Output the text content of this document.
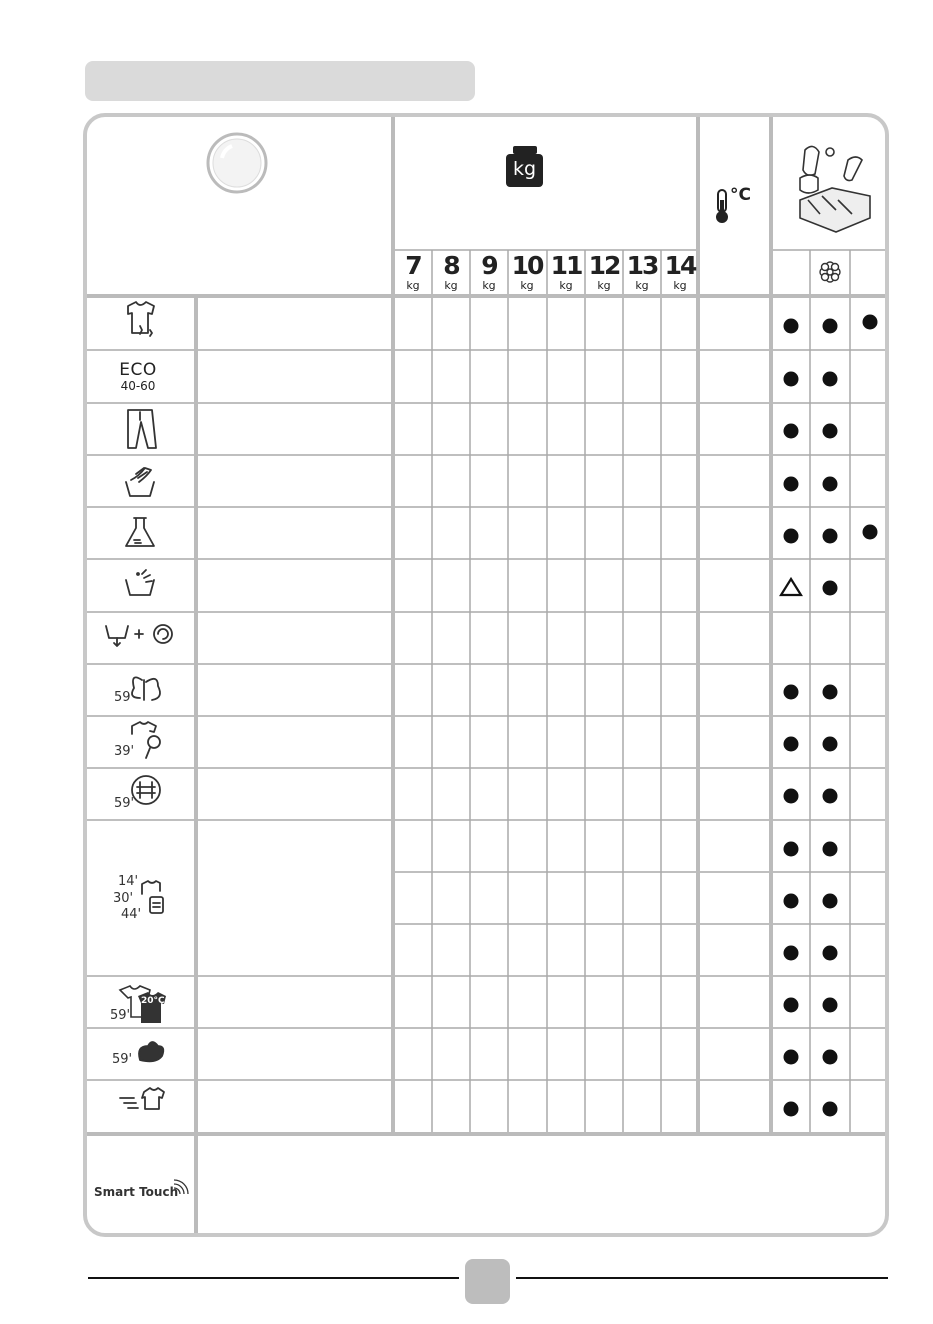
kg
°C
7
kg
8
kg
9
kg
10
kg
11
kg
12
kg
13
kg
14
kg
ECO
40-60
59'
39'
59'
14'
30'
44'
59'
20°C
59'
Smart Touch
